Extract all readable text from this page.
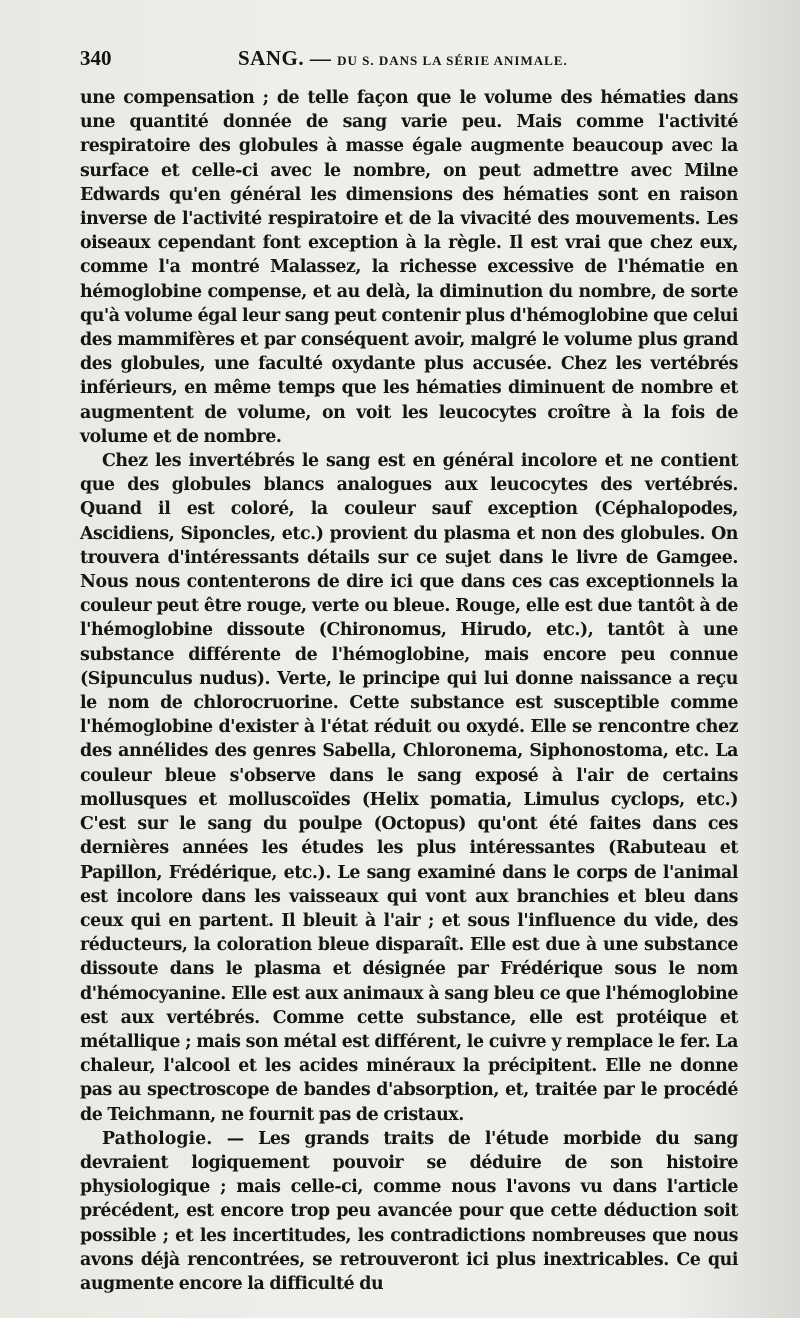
340	SANG. — DU S. DANS LA SÉRIE ANIMALE.

une compensation ; de telle façon que le volume des hématies dans une quantité donnée de sang varie peu. Mais comme l'activité respiratoire des globules à masse égale augmente beaucoup avec la surface et celle-ci avec le nombre, on peut admettre avec Milne Edwards qu'en général les dimensions des hématies sont en raison inverse de l'activité respiratoire et de la vivacité des mouvements. Les oiseaux cependant font exception à la règle. Il est vrai que chez eux, comme l'a montré Malassez, la richesse excessive de l'hématie en hémoglobine compense, et au delà, la diminution du nombre, de sorte qu'à volume égal leur sang peut contenir plus d'hémoglobine que celui des mammifères et par conséquent avoir, malgré le volume plus grand des globules, une faculté oxydante plus accusée. Chez les vertébrés inférieurs, en même temps que les hématies diminuent de nombre et augmentent de volume, on voit les leucocytes croître à la fois de volume et de nombre.

Chez les invertébrés le sang est en général incolore et ne contient que des globules blancs analogues aux leucocytes des vertébrés. Quand il est coloré, la couleur sauf exception (Céphalopodes, Ascidiens, Siponcles, etc.) provient du plasma et non des globules. On trouvera d'intéressants détails sur ce sujet dans le livre de Gamgee. Nous nous contenterons de dire ici que dans ces cas exceptionnels la couleur peut être rouge, verte ou bleue. Rouge, elle est due tantôt à de l'hémoglobine dissoute (Chironomus, Hirudo, etc.), tantôt à une substance différente de l'hémoglobine, mais encore peu connue (Sipunculus nudus). Verte, le principe qui lui donne naissance a reçu le nom de chlorocruorine. Cette substance est susceptible comme l'hémoglobine d'exister à l'état réduit ou oxydé. Elle se rencontre chez des annélides des genres Sabella, Chloronema, Siphonostoma, etc. La couleur bleue s'observe dans le sang exposé à l'air de certains mollusques et molluscoïdes (Helix pomatia, Limulus cyclops, etc.) C'est sur le sang du poulpe (Octopus) qu'ont été faites dans ces dernières années les études les plus intéressantes (Rabuteau et Papillon, Frédérique, etc.). Le sang examiné dans le corps de l'animal est incolore dans les vaisseaux qui vont aux branchies et bleu dans ceux qui en partent. Il bleuit à l'air ; et sous l'influence du vide, des réducteurs, la coloration bleue disparaît. Elle est due à une substance dissoute dans le plasma et désignée par Frédérique sous le nom d'hémocyanine. Elle est aux animaux à sang bleu ce que l'hémoglobine est aux vertébrés. Comme cette substance, elle est protéique et métallique ; mais son métal est différent, le cuivre y remplace le fer. La chaleur, l'alcool et les acides minéraux la précipitent. Elle ne donne pas au spectroscope de bandes d'absorption, et, traitée par le procédé de Teichmann, ne fournit pas de cristaux.

Pathologie. — Les grands traits de l'étude morbide du sang devraient logiquement pouvoir se déduire de son histoire physiologique ; mais celle-ci, comme nous l'avons vu dans l'article précédent, est encore trop peu avancée pour que cette déduction soit possible ; et les incertitudes, les contradictions nombreuses que nous avons déjà rencontrées, se retrouveront ici plus inextricables. Ce qui augmente encore la difficulté du
